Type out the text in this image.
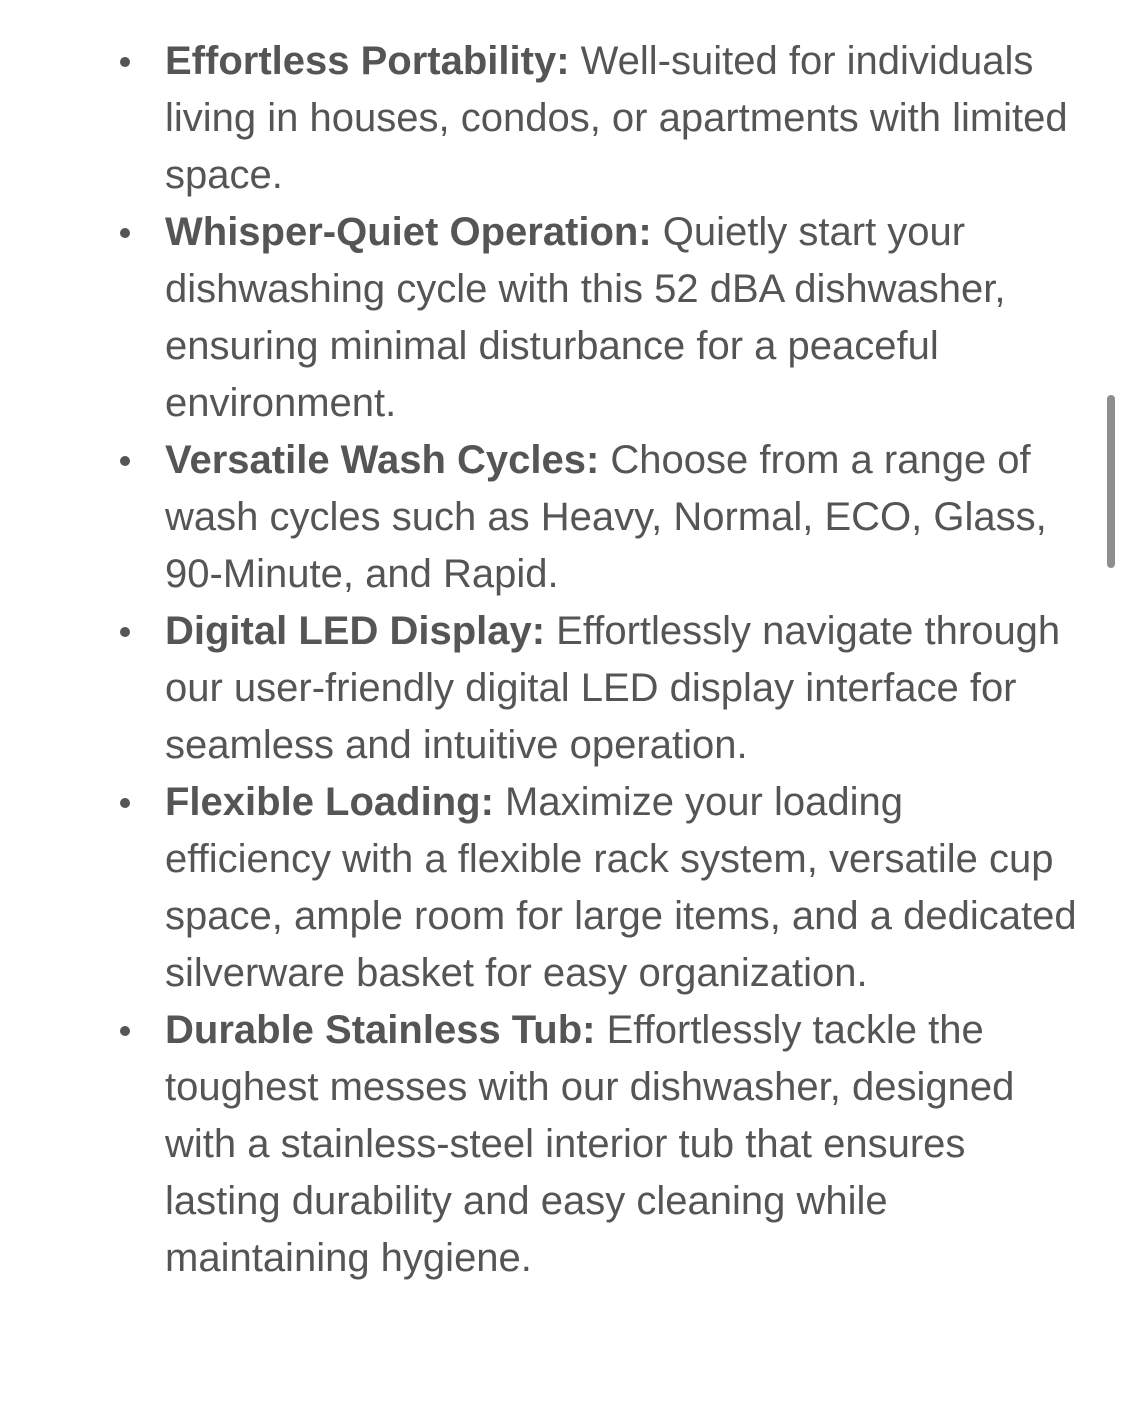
Effortless Portability: Well-suited for individuals living in houses, condos, or apartments with limited space.
Whisper-Quiet Operation: Quietly start your dishwashing cycle with this 52 dBA dishwasher, ensuring minimal disturbance for a peaceful environment.
Versatile Wash Cycles: Choose from a range of wash cycles such as Heavy, Normal, ECO, Glass, 90-Minute, and Rapid.
Digital LED Display: Effortlessly navigate through our user-friendly digital LED display interface for seamless and intuitive operation.
Flexible Loading: Maximize your loading efficiency with a flexible rack system, versatile cup space, ample room for large items, and a dedicated silverware basket for easy organization.
Durable Stainless Tub: Effortlessly tackle the toughest messes with our dishwasher, designed with a stainless-steel interior tub that ensures lasting durability and easy cleaning while maintaining hygiene.
